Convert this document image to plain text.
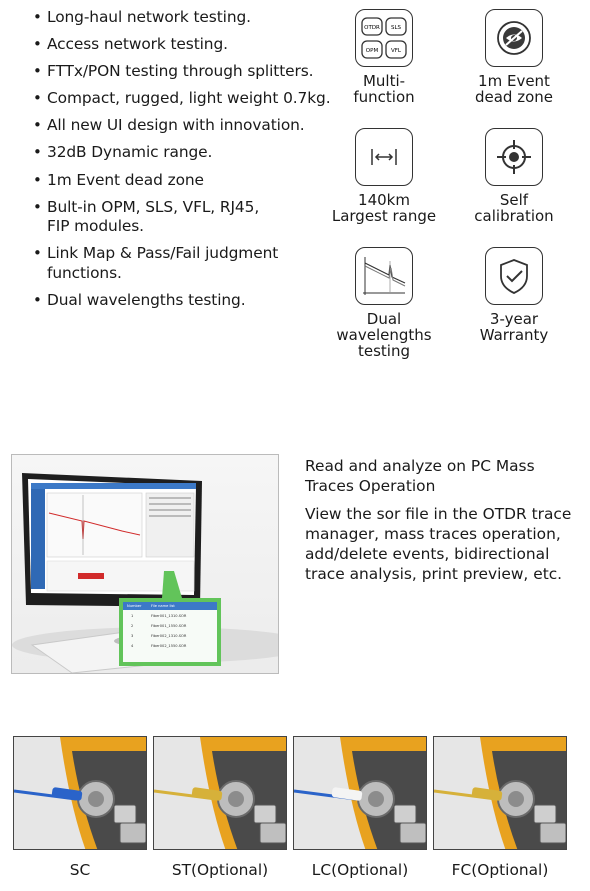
• Long-haul network testing.
• Access network testing.
• FTTx/PON testing through splitters.
• Compact, rugged, light weight 0.7kg.
• All new UI design with innovation.
• 32dB Dynamic range.
• 1m Event dead zone
• Bult-in OPM, SLS, VFL, RJ45, FIP modules.
• Link Map & Pass/Fail judgment functions.
• Dual wavelengths testing.
OTDR SLS
OPM VFL
Multi-
function
1m Event
dead zone
140km
Largest range
Self
calibration
Dual
wavelengths
testing
3-year
Warranty
Number	File name list
1	Fiber001_1310.SOR
2	Fiber001_1550.SOR
3	Fiber002_1310.SOR
4	Fiber002_1550.SOR

Read and analyze on PC Mass Traces Operation

View the sor file in the OTDR trace manager, mass traces operation, add/delete events, bidirectional trace analysis, print preview, etc.

SC	ST(Optional)	LC(Optional)	FC(Optional)
